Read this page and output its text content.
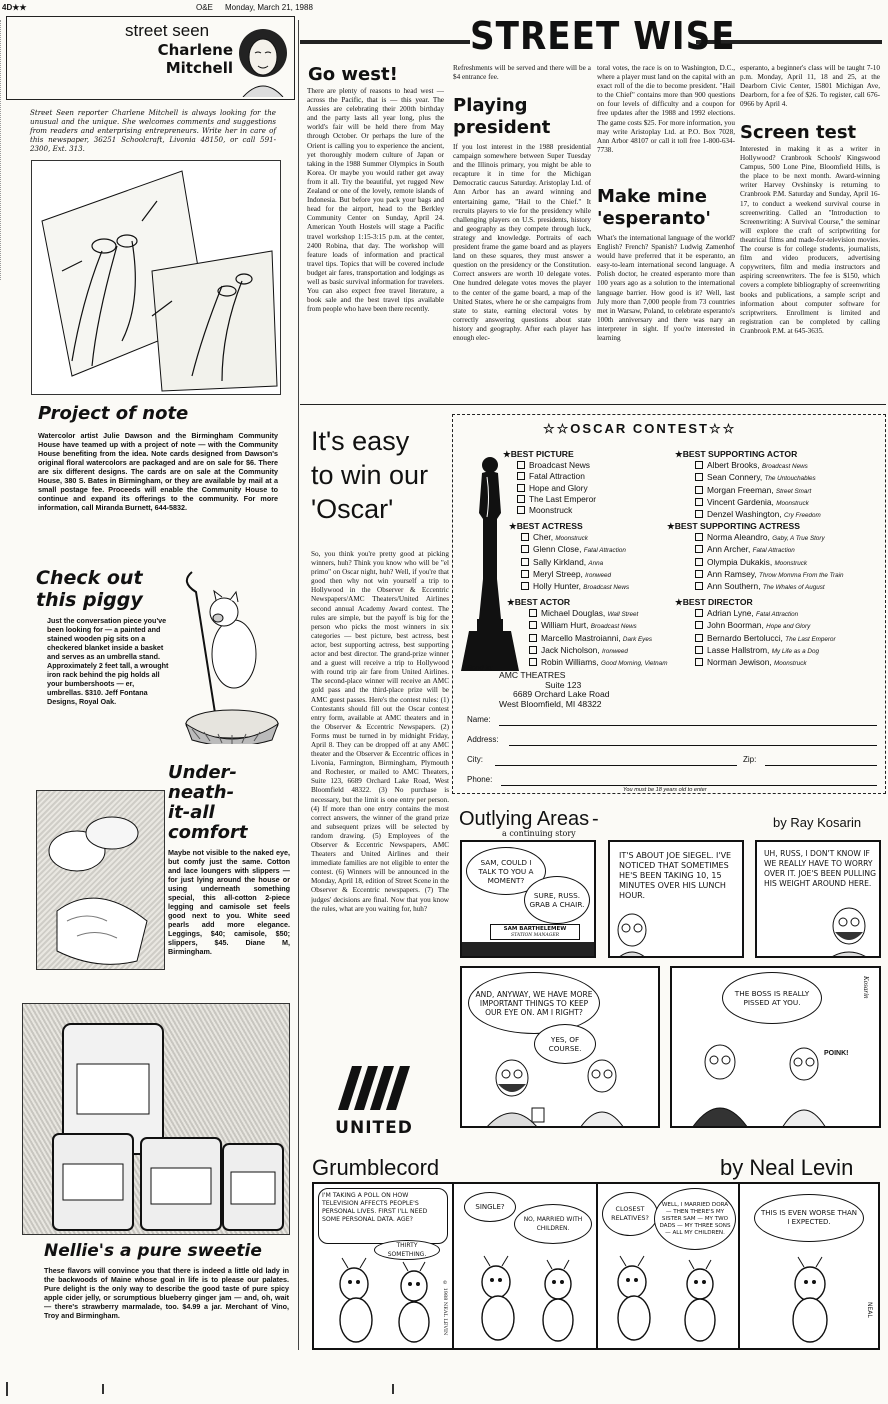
4D★★	O&E Monday, March 21, 1988
STREET WISE
street seen
Charlene
Mitchell
Street Seen reporter Charlene Mitchell is always looking for the unusual and the unique. She welcomes comments and suggestions from readers and enterprising entrepreneurs. Write her in care of this newspaper, 36251 Schoolcraft, Livonia 48150, or call 591-2300, Ext. 313.
Project of note
Watercolor artist Julie Dawson and the Birmingham Community House have teamed up with a project of note — with the Community House benefiting from the idea. Note cards designed from Dawson's original floral watercolors are packaged and are on sale for $6. There are six different designs. The cards are on sale at the Community House, 380 S. Bates in Birmingham, or they are available by mail at a small postage fee. Proceeds will enable the Community House to continue and expand its offerings to the community. For more information, call Miranda Burnett, 644-5832.
Check out
this piggy
Just the conversation piece you've been looking for — a painted and stained wooden pig sits on a checkered blanket inside a basket and serves as an umbrella stand. Approximately 2 feet tall, a wrought iron rack behind the pig holds all your bumbershoots — er, umbrellas. $310. Jeff Fontana Designs, Royal Oak.
Under-
neath-
it-all
comfort
Maybe not visible to the naked eye, but comfy just the same. Cotton and lace loungers with slippers — for just lying around the house or using underneath something special, this all-cotton 2-piece legging and camisole set feels good next to you. White seed pearls add more elegance. Leggings, $40; camisole, $50; slippers, $45. Diane M, Birmingham.
Nellie's a pure sweetie
These flavors will convince you that there is indeed a little old lady in the backwoods of Maine whose goal in life is to please our palates. Pure delight is the only way to describe the good taste of pure spicy apple cider jelly, or scrumptious blueberry ginger jam — and, oh, wait — there's strawberry marmalade, too. $4.99 a jar. Merchant of Vino, Troy and Birmingham.
Go west!
There are plenty of reasons to head west — across the Pacific, that is — this year. The Aussies are celebrating their 200th birthday and the party lasts all year long, plus the world's fair will be held there from May through October. Or perhaps the lure of the Orient is calling you to experience the ancient, yet thoroughly modern culture of Japan or taking in the 1988 Summer Olympics in South Korea. Or maybe you would rather get away from it all. Try the beautiful, yet rugged New Zealand or one of the lovely, remote islands of Indonesia. But before you pack your bags and head for the airport, head to the Berkley Community Center on Sunday, April 24. American Youth Hostels will stage a Pacific travel workshop 1:15-3:15 p.m. at the center, 2400 Robina, that day. The workshop will feature loads of information and practical travel tips. Topics that will be covered include budget air fares, transportation and lodgings as well as basic survival information for travelers. You can also expect free travel literature, a book sale and the best travel tips available from people who have been there recently.
Refreshments will be served and there will be a $4 entrance fee.
Playing
president
If you lost interest in the 1988 presidential campaign somewhere between Super Tuesday and the Illinois primary, you might be able to recapture it in time for the Michigan Democratic caucus Saturday. Aristoplay Ltd. of Ann Arbor has an award winning and entertaining game, "Hail to the Chief." It recruits players to vie for the presidency while challenging players on U.S. presidents, history and geography as they compete through luck, strategy and knowledge. Portraits of each president frame the game board and as players land on these squares, they must answer a question on the presidency or the Constitution. Correct answers are worth 10 delegate votes. One hundred delegate votes moves the player to the center of the game board, a map of the United States, where he or she campaigns from state to state, earning electoral votes by correctly answering questions about state history and geography. After each player has enough elec-
toral votes, the race is on to Washington, D.C., where a player must land on the capital with an exact roll of the die to become president. "Hail to the Chief" contains more than 900 questions on four levels of difficulty and a coupon for free updates after the 1988 and 1992 elections. The game costs $25. For more information, you may write Aristoplay Ltd. at P.O. Box 7028, Ann Arbor 48107 or call it toll free 1-800-634-7738.
Make mine
'esperanto'
What's the international language of the world? English? French? Spanish? Ludwig Zamenhof would have preferred that it be esperanto, an easy-to-learn international second language. A Polish doctor, he created esperanto more than 100 years ago as a solution to the international language barrier. How good is it? Well, last July more than 7,000 people from 73 countries met in Warsaw, Poland, to celebrate esperanto's 100th anniversary and there was nary an interpreter in sight. If you're interested in learning
esperanto, a beginner's class will be taught 7-10 p.m. Monday, April 11, 18 and 25, at the Dearborn Civic Center, 15801 Michigan Ave, Dearborn, for a fee of $26. To register, call 676-0966 by April 4.
Screen test
Interested in making it as a writer in Hollywood? Cranbrook Schools' Kingswood Campus, 500 Lone Pine, Bloomfield Hills, is the place to be next month. Award-winning writer Harvey Ovshinsky is returning to Cranbrook P.M. Saturday and Sunday, April 16-17, to conduct a weekend survival course in screenwriting. Called an "Introduction to Screenwriting: A Survival Course," the seminar will explore the craft of scriptwriting for theatrical films and made-for-television movies. The course is for college students, journalists, film and video producers, advertising copywriters, film and media instructors and aspiring screenwriters. The fee is $150, which covers a complete bibliography of screenwriting books and publications, a sample script and information about computer software for scriptwriters. Enrollment is limited and registration can be completed by calling Cranbrook P.M. at 645-3635.
It's easy
to win our
'Oscar'
So, you think you're pretty good at picking winners, huh? Think you know who will be "el primo" on Oscar night, huh? Well, if you're that good then why not win yourself a trip to Hollywood in the Observer & Eccentric Newspapers/AMC Theaters/United Airlines second annual Academy Award contest. The rules are simple, but the payoff is big for the person who picks the most winners in six categories — best picture, best actress, best actor, best supporting actress, best supporting actor and best director. The grand-prize winner and a guest will receive a trip to Hollywood with round trip air fare from United Airlines. The second-place winner will receive an AMC gold pass and the third-place prize will be AMC guest passes. Here's the contest rules: (1) Contestants should fill out the Oscar contest entry form, available at AMC theaters and in the Observer & Eccentric Newspapers. (2) Forms must be turned in by midnight Friday, April 8. They can be dropped off at any AMC theater and the Observer & Eccentric offices in Livonia, Farmington, Birmingham, Plymouth and Rochester, or mailed to AMC Theaters, Suite 123, 6689 Orchard Lake Road, West Bloomfield 48322. (3) No purchase is necessary, but the limit is one entry per person. (4) If more than one entry contains the most correct answers, the winner of the grand prize and subsequent prizes will be selected by random drawing. (5) Employees of the Observer & Eccentric Newspapers, AMC Theaters and United Airlines and their immediate families are not eligible to enter the contest. (6) Winners will be announced in the Monday, April 18, edition of Street Scene in the Observer & Eccentric newspapers. (7) The judges' decisions are final. Now that you know the rules, what are you waiting for, huh?
UNITED
☆☆OSCAR CONTEST☆☆
★BEST PICTURE
Broadcast News
Fatal Attraction
Hope and Glory
The Last Emperor
Moonstruck
★BEST SUPPORTING ACTOR
Albert Brooks, Broadcast News
Sean Connery, The Untouchables
Morgan Freeman, Street Smart
Vincent Gardenia, Moonstruck
Denzel Washington, Cry Freedom
★BEST ACTRESS
Cher, Moonstruck
Glenn Close, Fatal Attraction
Sally Kirkland, Anna
Meryl Streep, Ironweed
Holly Hunter, Broadcast News
★BEST SUPPORTING ACTRESS
Norma Aleandro, Gaby, A True Story
Ann Archer, Fatal Attraction
Olympia Dukakis, Moonstruck
Ann Ramsey, Throw Momma From the Train
Ann Southern, The Whales of August
★BEST ACTOR
Michael Douglas, Wall Street
William Hurt, Broadcast News
Marcello Mastroianni, Dark Eyes
Jack Nicholson, Ironweed
Robin Williams, Good Morning, Vietnam
★BEST DIRECTOR
Adrian Lyne, Fatal Attraction
John Boorman, Hope and Glory
Bernardo Bertolucci, The Last Emperor
Lasse Hallstrom, My Life as a Dog
Norman Jewison, Moonstruck
Send to:
AMC THEATRES
Suite 123
6689 Orchard Lake Road
West Bloomfield, MI 48322
Name:
Address:
City:	Zip:
Phone:
You must be 18 years old to enter
Outlying Areas -
a continuing story
by Ray Kosarin
SAM, COULD I TALK TO YOU A MOMENT?
SURE, RUSS. GRAB A CHAIR.
SAM BARTHELEMEW
STATION MANAGER
IT'S ABOUT JOE SIEGEL. I'VE NOTICED THAT SOMETIMES HE'S BEEN TAKING 10, 15 MINUTES OVER HIS LUNCH HOUR.
UH, RUSS, I DON'T KNOW IF WE REALLY HAVE TO WORRY OVER IT. JOE'S BEEN PULLING HIS WEIGHT AROUND HERE.
AND, ANYWAY, WE HAVE MORE IMPORTANT THINGS TO KEEP OUR EYE ON. AM I RIGHT?
YES, OF COURSE.
THE BOSS IS REALLY PISSED AT YOU.
POINK!
Kosarin
Grumblecord	by Neal Levin
I'M TAKING A POLL ON HOW TELEVISION AFFECTS PEOPLE'S PERSONAL LIVES. FIRST I'LL NEED SOME PERSONAL DATA. AGE?
THIRTY SOMETHING.
© 1988 NEAL LEVIN
SINGLE?
NO, MARRIED WITH CHILDREN.
CLOSEST RELATIVES?
WELL, I MARRIED DORA — THEN THERE'S MY SISTER SAM — MY TWO DADS — MY THREE SONS — ALL MY CHILDREN.
THIS IS EVEN WORSE THAN I EXPECTED.
NEAL
